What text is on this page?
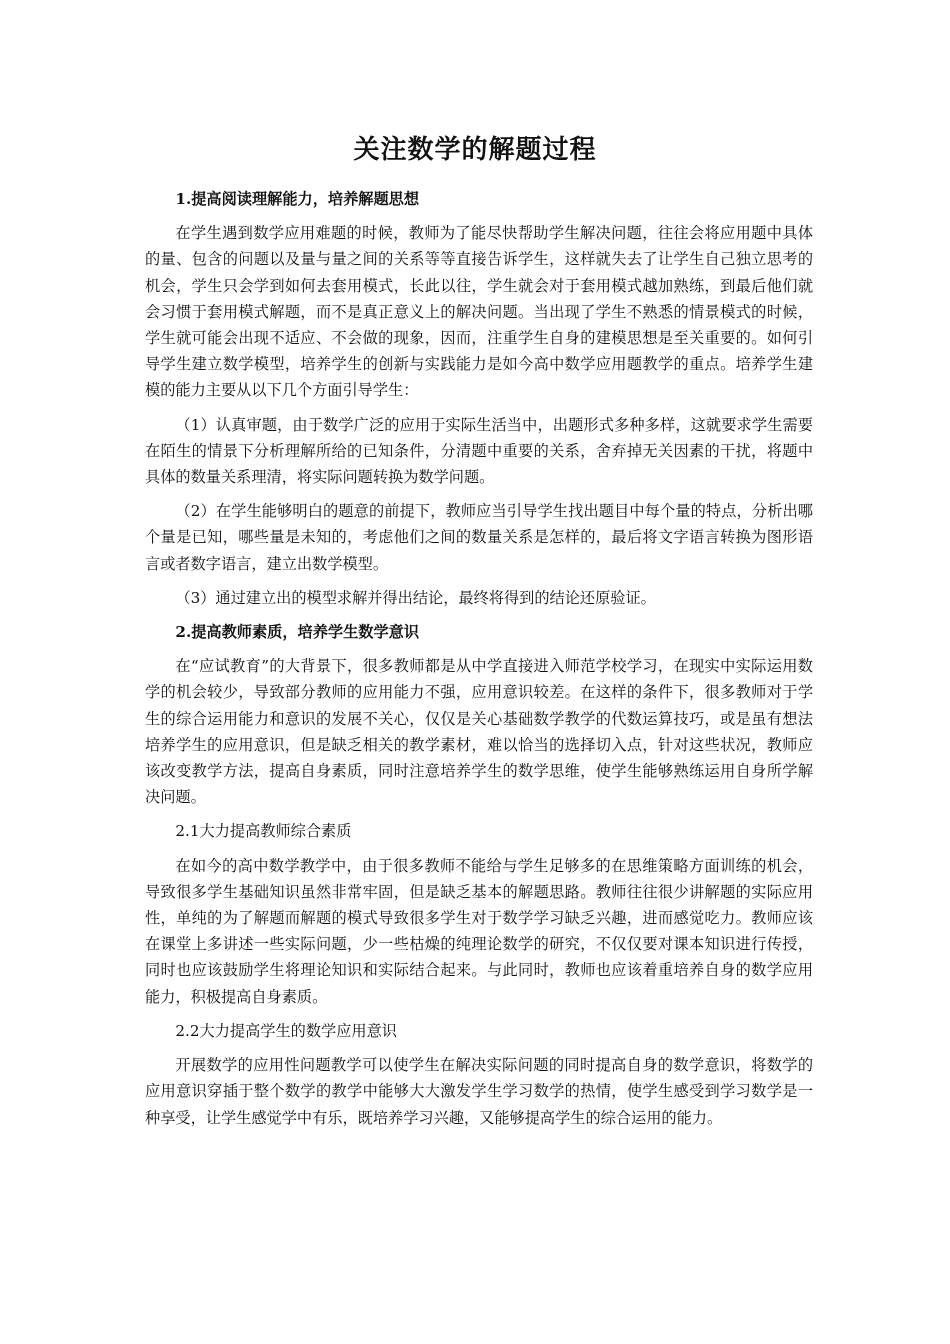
关注数学的解题过程

1.提高阅读理解能力，培养解题思想

在学生遇到数学应用难题的时候，教师为了能尽快帮助学生解决问题，往往会将应用题中具体的量、包含的问题以及量与量之间的关系等等直接告诉学生，这样就失去了让学生自己独立思考的机会，学生只会学到如何去套用模式，长此以往，学生就会对于套用模式越加熟练，到最后他们就会习惯于套用模式解题，而不是真正意义上的解决问题。当出现了学生不熟悉的情景模式的时候，学生就可能会出现不适应、不会做的现象，因而，注重学生自身的建模思想是至关重要的。如何引导学生建立数学模型，培养学生的创新与实践能力是如今高中数学应用题教学的重点。培养学生建模的能力主要从以下几个方面引导学生：

（1）认真审题，由于数学广泛的应用于实际生活当中，出题形式多种多样，这就要求学生需要在陌生的情景下分析理解所给的已知条件，分清题中重要的关系，舍弃掉无关因素的干扰，将题中具体的数量关系理清，将实际问题转换为数学问题。

（2）在学生能够明白的题意的前提下，教师应当引导学生找出题目中每个量的特点，分析出哪个量是已知，哪些量是未知的，考虑他们之间的数量关系是怎样的，最后将文字语言转换为图形语言或者数字语言，建立出数学模型。

（3）通过建立出的模型求解并得出结论，最终将得到的结论还原验证。

2.提高教师素质，培养学生数学意识

在“应试教育”的大背景下，很多教师都是从中学直接进入师范学校学习，在现实中实际运用数学的机会较少，导致部分教师的应用能力不强，应用意识较差。在这样的条件下，很多教师对于学生的综合运用能力和意识的发展不关心，仅仅是关心基础数学教学的代数运算技巧，或是虽有想法培养学生的应用意识，但是缺乏相关的教学素材，难以恰当的选择切入点，针对这些状况，教师应该改变教学方法，提高自身素质，同时注意培养学生的数学思维，使学生能够熟练运用自身所学解决问题。

2.1大力提高教师综合素质

在如今的高中数学教学中，由于很多教师不能给与学生足够多的在思维策略方面训练的机会，导致很多学生基础知识虽然非常牢固，但是缺乏基本的解题思路。教师往往很少讲解题的实际应用性，单纯的为了解题而解题的模式导致很多学生对于数学学习缺乏兴趣，进而感觉吃力。教师应该在课堂上多讲述一些实际问题，少一些枯燥的纯理论数学的研究，不仅仅要对课本知识进行传授，同时也应该鼓励学生将理论知识和实际结合起来。与此同时，教师也应该着重培养自身的数学应用能力，积极提高自身素质。

2.2大力提高学生的数学应用意识

开展数学的应用性问题教学可以使学生在解决实际问题的同时提高自身的数学意识，将数学的应用意识穿插于整个数学的教学中能够大大激发学生学习数学的热情，使学生感受到学习数学是一种享受，让学生感觉学中有乐，既培养学习兴趣，又能够提高学生的综合运用的能力。
